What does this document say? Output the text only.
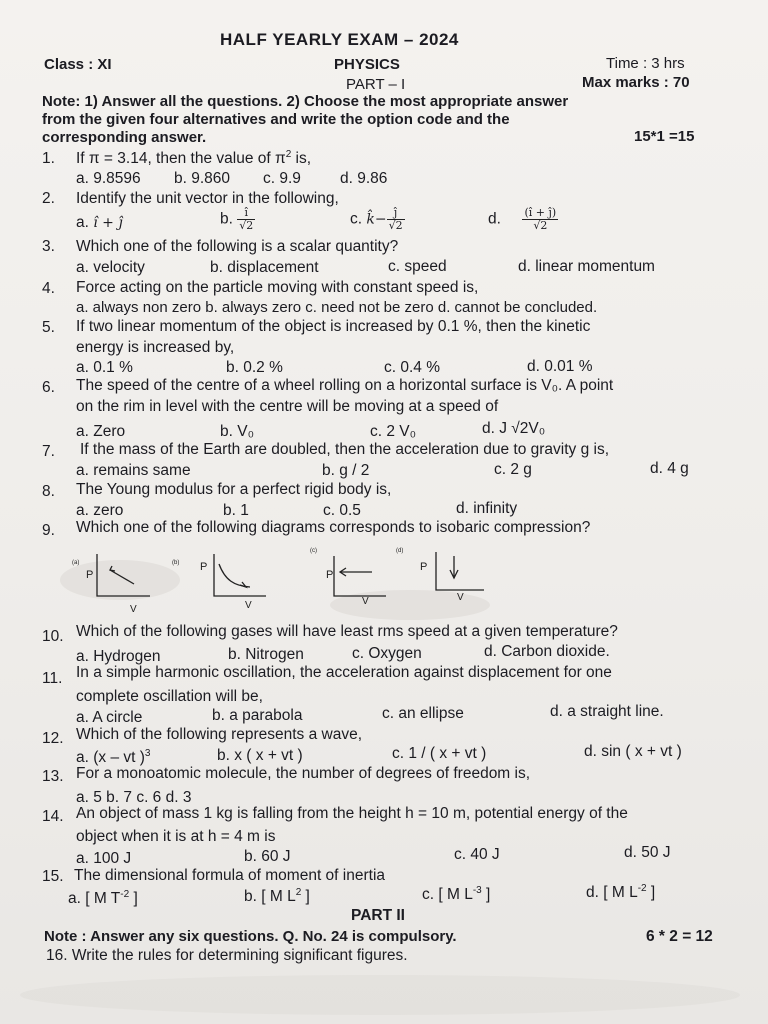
HALF YEARLY EXAM – 2024
Class : XI	PHYSICS	Time : 3 hrs
PART – I	Max marks : 70
Note: 1) Answer all the questions. 2) Choose the most appropriate answer
from the given four alternatives and write the option code and the
corresponding answer.	15*1 =15
1. If π = 3.14, then the value of $\pi^2$ is,
a. 9.8596 b. 9.860 c. 9.9	d. 9.86
2. Identify the unit vector in the following,
a. î + ĵ	b. $\frac{î}{√2}$	c. k̂− $\frac{ĵ}{√2}$	d. $\frac{(î + ĵ)}{√2}$
3. Which one of the following is a scalar quantity?
a. velocity	b. displacement	c. speed	d. linear momentum
4. Force acting on the particle moving with constant speed is,
a. always non zero b. always zero c. need not be zero d. cannot be concluded.
5. If two linear momentum of the object is increased by 0.1 %, then the kinetic
energy is increased by,
a. 0.1 %	b. 0.2 %	c. 0.4 %	d. 0.01 %
6. The speed of the centre of a wheel rolling on a horizontal surface is V₀. A point
on the rim in level with the centre will be moving at a speed of
a. Zero	b. V₀	c. 2 V₀	d. J √2V₀
7. If the mass of the Earth are doubled, then the acceleration due to gravity g is,
a. remains same	b. g / 2	c. 2 g	d. 4 g
8. The Young modulus for a perfect rigid body is,
a. zero	b. 1	c. 0.5	d. infinity
9. Which one of the following diagrams corresponds to isobaric compression?
(a)
P
V
(b) P
V
(c)
P
V
(d)
P
V
10. Which of the following gases will have least rms speed at a given temperature?
a. Hydrogen	b. Nitrogen	c. Oxygen	d. Carbon dioxide.
11. In a simple harmonic oscillation, the acceleration against displacement for one
complete oscillation will be,
a. A circle	b. a parabola	c. an ellipse	d. a straight line.
12. Which of the following represents a wave,
a. (x – vt )$^3$	b. x ( x + vt )	c. 1 / ( x + vt )	d. sin ( x + vt )
13. For a monoatomic molecule, the number of degrees of freedom is,
a. 5 b. 7 c. 6 d. 3
14. An object of mass 1 kg is falling from the height h = 10 m, potential energy of the
object when it is at h = 4 m is
a. 100 J	b. 60 J	c. 40 J	d. 50 J
15. The dimensional formula of moment of inertia
a. [ M $T^{-2}$ ]	b. [ M $L^2$ ]	c. [ M $L^{-3}$ ]	d. [ M $L^{-2}$ ]
PART II
Note : Answer any six questions. Q. No. 24 is compulsory.	6 * 2 = 12
16. Write the rules for determining significant figures.
